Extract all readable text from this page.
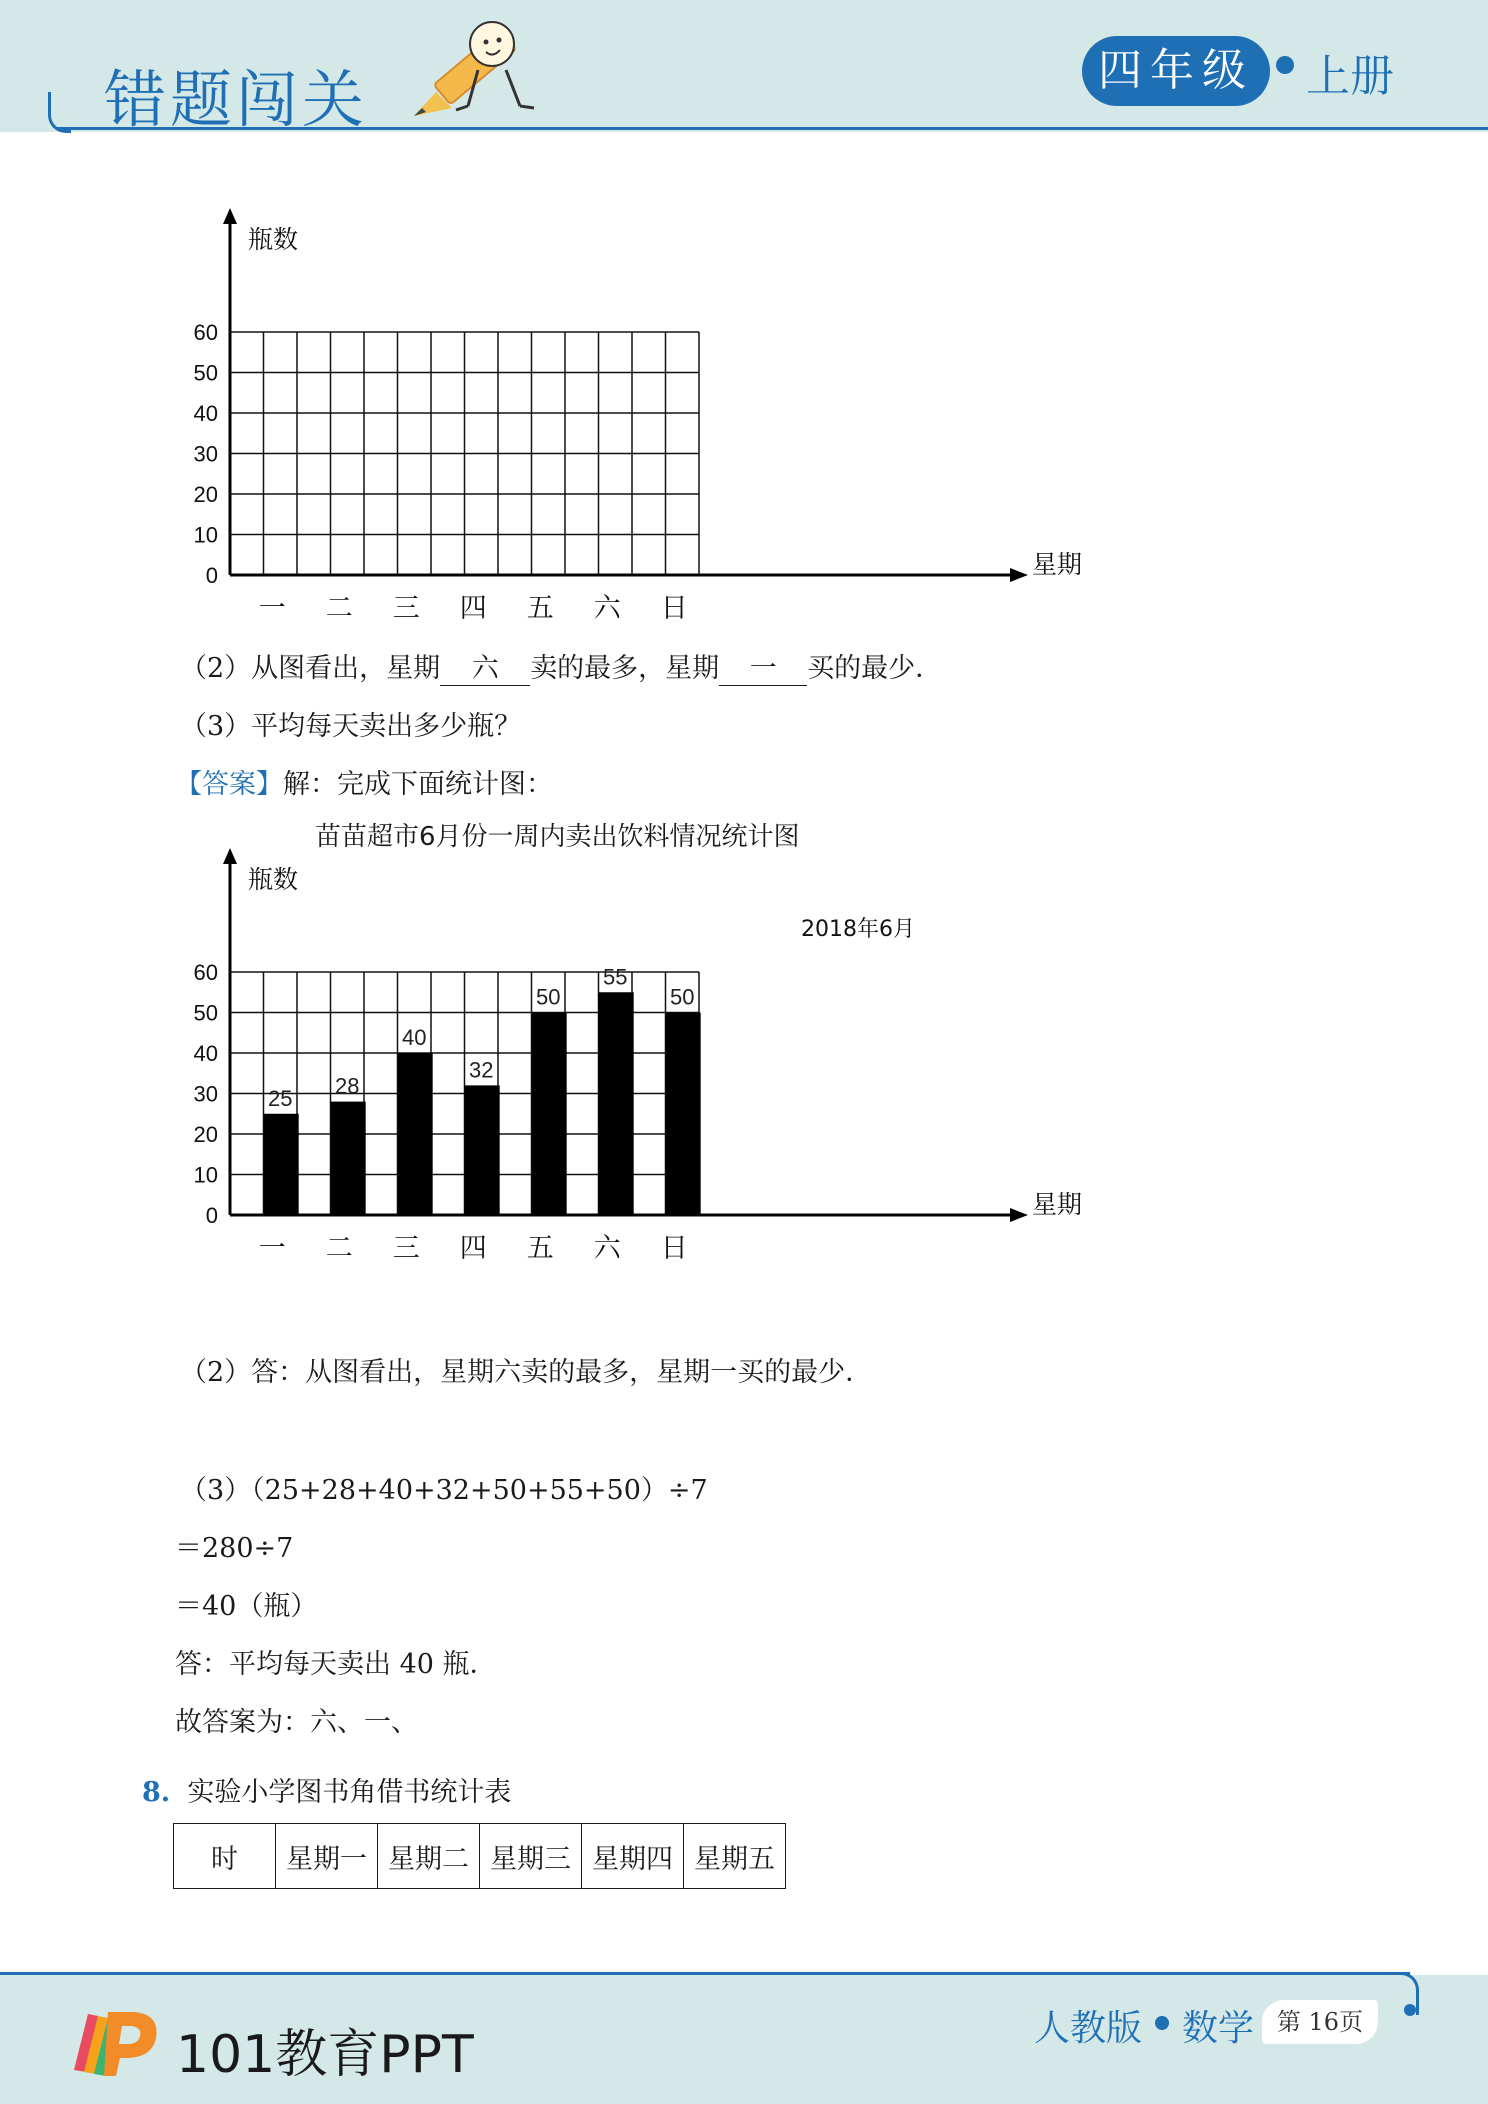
错题闯关	四年级	上册
瓶数
星期
0
10
20
30
40
50
60
一 二 三 四 五 六 日
（2）从图看出，星期 六 卖的最多，星期 一 买的最少．
（3）平均每天卖出多少瓶？
【答案】解：完成下面统计图：
苗苗超市6月份一周内卖出饮料情况统计图
25 28
40
32
50
55
50
瓶数
星期
0
10
20
30
40
50
60
一 二 三 四 五 六 日
2018年6月
（2）答：从图看出，星期六卖的最多，星期一买的最少．
（3）（25+28+40+32+50+55+50）÷7
＝280÷7
＝40（瓶）
答：平均每天卖出 40 瓶．
故答案为：六、一、
8. 实验小学图书角借书统计表
时	星期一	星期二	星期三	星期四	星期五
101教育PPT	人教版 数学 第 16页
